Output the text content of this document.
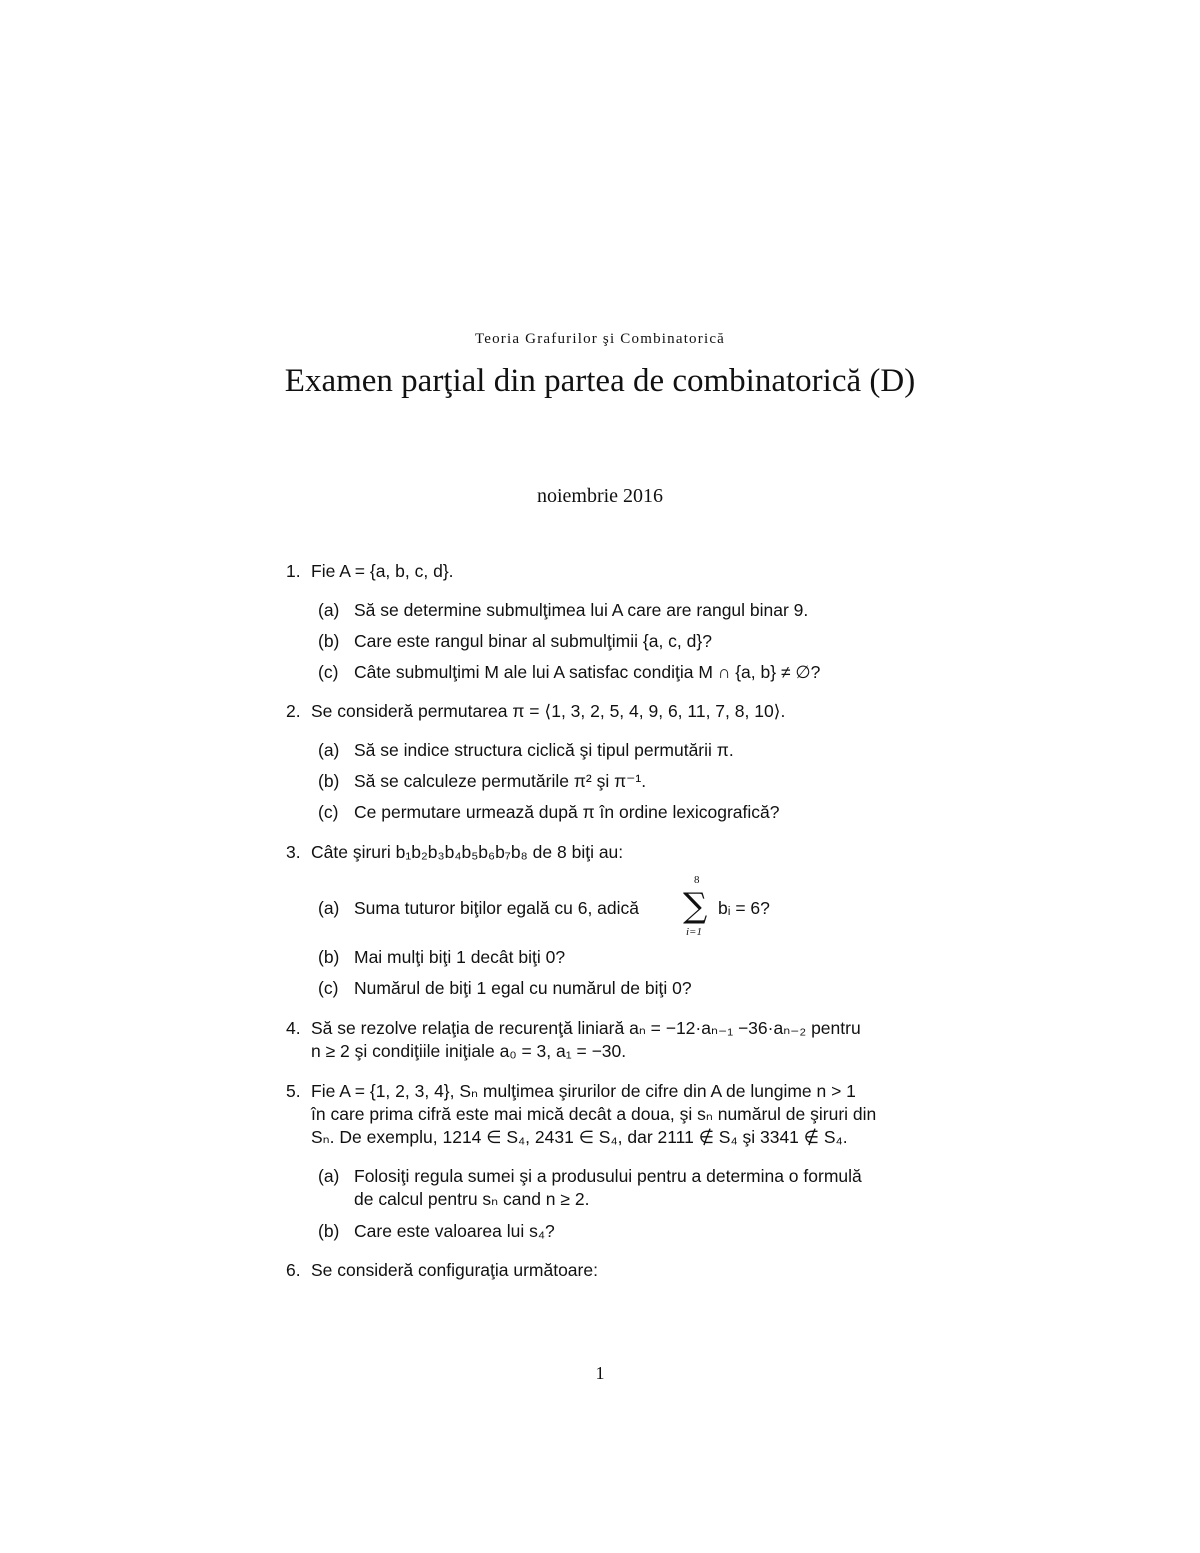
Teoria Grafurilor şi Combinatorică
Examen parţial din partea de combinatorică (D)
noiembrie 2016
1. Fie A = {a, b, c, d}.
(a) Să se determine submulţimea lui A care are rangul binar 9.
(b) Care este rangul binar al submulţimii {a, c, d}?
(c) Câte submulţimi M ale lui A satisfac condiţia M ∩ {a, b} ≠ ∅?
2. Se consideră permutarea π = ⟨1, 3, 2, 5, 4, 9, 6, 11, 7, 8, 10⟩.
(a) Să se indice structura ciclică şi tipul permutării π.
(b) Să se calculeze permutările π² şi π⁻¹.
(c) Ce permutare urmează după π în ordine lexicografică?
3. Câte şiruri b₁b₂b₃b₄b₅b₆b₇b₈ de 8 biţi au:
(a) Suma tuturor biţilor egală cu 6, adică
8
∑
i=1
bᵢ = 6?
(b) Mai mulţi biţi 1 decât biţi 0?
(c) Numărul de biţi 1 egal cu numărul de biţi 0?
4. Să se rezolve relaţia de recurenţă liniară aₙ = −12·aₙ₋₁ −36·aₙ₋₂ pentru
n ≥ 2 şi condiţiile iniţiale a₀ = 3, a₁ = −30.
5. Fie A = {1, 2, 3, 4}, Sₙ mulţimea şirurilor de cifre din A de lungime n > 1
în care prima cifră este mai mică decât a doua, şi sₙ numărul de şiruri din
Sₙ. De exemplu, 1214 ∈ S₄, 2431 ∈ S₄, dar 2111 ∉ S₄ şi 3341 ∉ S₄.
(a) Folosiţi regula sumei şi a produsului pentru a determina o formulă
de calcul pentru sₙ cand n ≥ 2.
(b) Care este valoarea lui s₄?
6. Se consideră configuraţia următoare:
1
